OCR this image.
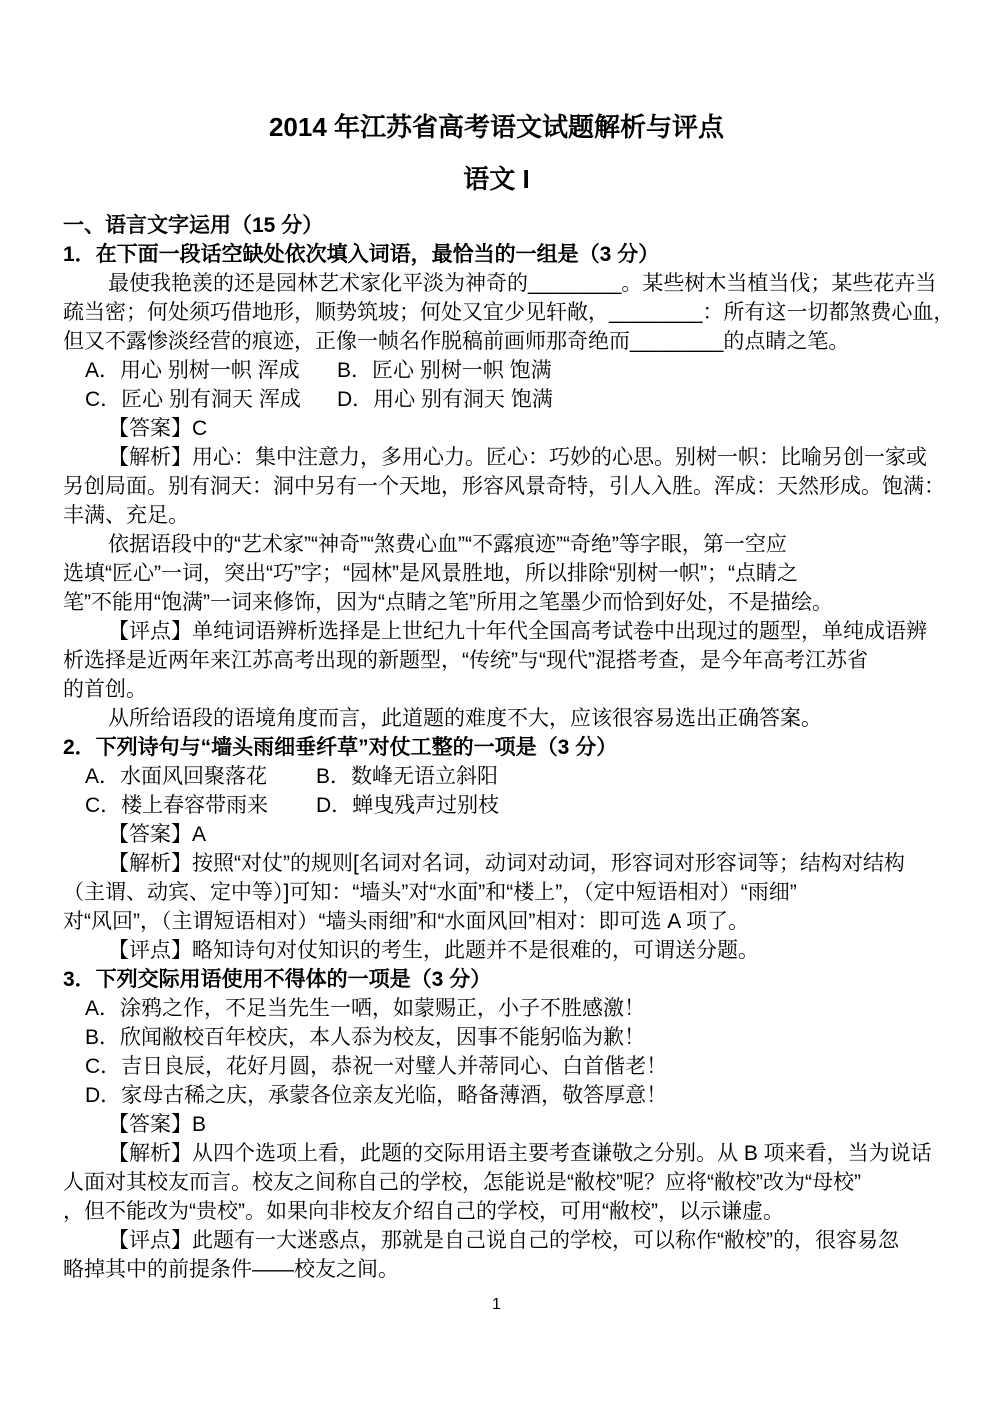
2014 年江苏省高考语文试题解析与评点
语文 I
一、语言文字运用（15 分）
1．在下面一段话空缺处依次填入词语，最恰当的一组是（3 分）
最使我艳羡的还是园林艺术家化平淡为神奇的________。某些树木当植当伐；某些花卉当
疏当密；何处须巧借地形，顺势筑坡；何处又宜少见轩敞，________：所有这一切都煞费心血，
但又不露惨淡经营的痕迹，正像一帧名作脱稿前画师那奇绝而________的点睛之笔。
A．用心 别树一帜 浑成	B．匠心 别树一帜 饱满
C．匠心 别有洞天 浑成	D．用心 别有洞天 饱满
【答案】C
【解析】用心：集中注意力，多用心力。匠心：巧妙的心思。别树一帜：比喻另创一家或
另创局面。别有洞天：洞中另有一个天地，形容风景奇特，引人入胜。浑成：天然形成。饱满：
丰满、充足。
依据语段中的“艺术家”“神奇”“煞费心血”“不露痕迹”“奇绝”等字眼，第一空应
选填“匠心”一词，突出“巧”字；“园林”是风景胜地，所以排除“别树一帜”；“点睛之
笔”不能用“饱满”一词来修饰，因为“点睛之笔”所用之笔墨少而恰到好处，不是描绘。
【评点】单纯词语辨析选择是上世纪九十年代全国高考试卷中出现过的题型，单纯成语辨
析选择是近两年来江苏高考出现的新题型，“传统”与“现代”混搭考查，是今年高考江苏省
的首创。
从所给语段的语境角度而言，此道题的难度不大，应该很容易选出正确答案。
2．下列诗句与“墙头雨细垂纤草”对仗工整的一项是（3 分）
A．水面风回聚落花	B．数峰无语立斜阳
C．楼上春容带雨来	D．蝉曳残声过别枝
【答案】A
【解析】按照“对仗”的规则[名词对名词，动词对动词，形容词对形容词等；结构对结构
（主谓、动宾、定中等）]可知：“墙头”对“水面”和“楼上”，（定中短语相对）“雨细”
对“风回”，（主谓短语相对）“墙头雨细”和“水面风回”相对：即可选 A 项了。
【评点】略知诗句对仗知识的考生，此题并不是很难的，可谓送分题。
3．下列交际用语使用不得体的一项是（3 分）
A．涂鸦之作，不足当先生一哂，如蒙赐正，小子不胜感激！
B．欣闻敝校百年校庆，本人忝为校友，因事不能躬临为歉！
C．吉日良辰，花好月圆，恭祝一对璧人并蒂同心、白首偕老！
D．家母古稀之庆，承蒙各位亲友光临，略备薄酒，敬答厚意！
【答案】B
【解析】从四个选项上看，此题的交际用语主要考查谦敬之分别。从 B 项来看，当为说话
人面对其校友而言。校友之间称自己的学校，怎能说是“敝校”呢？应将“敝校”改为“母校”
，但不能改为“贵校”。如果向非校友介绍自己的学校，可用“敝校”，以示谦虚。
【评点】此题有一大迷惑点，那就是自己说自己的学校，可以称作“敝校”的，很容易忽
略掉其中的前提条件——校友之间。
1
